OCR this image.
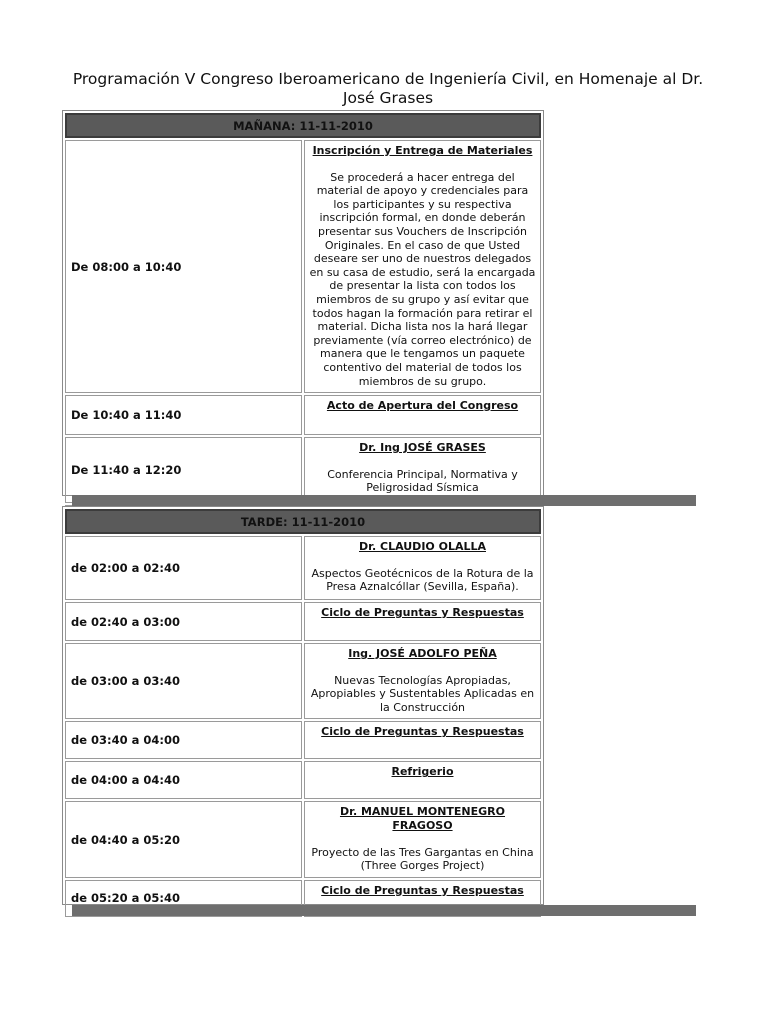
Programación V Congreso Iberoamericano de Ingeniería Civil, en Homenaje al Dr. José Grases
MAÑANA: 11-11-2010	
De 08:00 a 10:40	Inscripción y Entrega de Materiales

Se procederá a hacer entrega del material de apoyo y credenciales para los participantes y su respectiva inscripción formal, en donde deberán presentar sus Vouchers de Inscripción Originales. En el caso de que Usted deseare ser uno de nuestros delegados en su casa de estudio, será la encargada de presentar la lista con todos los miembros de su grupo y así evitar que todos hagan la formación para retirar el material. Dicha lista nos la hará llegar previamente (vía correo electrónico) de manera que le tengamos un paquete contentivo del material de todos los miembros de su grupo.

De 10:40 a 11:40	Acto de Apertura del Congreso

De 11:40 a 12:20	Dr. Ing JOSÉ GRASES

Conferencia Principal, Normativa y Peligrosidad Sísmica

TARDE: 11-11-2010	
de 02:00 a 02:40	Dr. CLAUDIO OLALLA

Aspectos Geotécnicos de la Rotura de la Presa Aznalcóllar (Sevilla, España).

de 02:40 a 03:00	Ciclo de Preguntas y Respuestas

de 03:00 a 03:40	Ing. JOSÉ ADOLFO PEÑA

Nuevas Tecnologías Apropiadas, Apropiables y Sustentables Aplicadas en la Construcción

de 03:40 a 04:00	Ciclo de Preguntas y Respuestas

de 04:00 a 04:40	Refrigerio

de 04:40 a 05:20	Dr. MANUEL MONTENEGRO FRAGOSO

Proyecto de las Tres Gargantas en China (Three Gorges Project)

de 05:20 a 05:40	Ciclo de Preguntas y Respuestas
